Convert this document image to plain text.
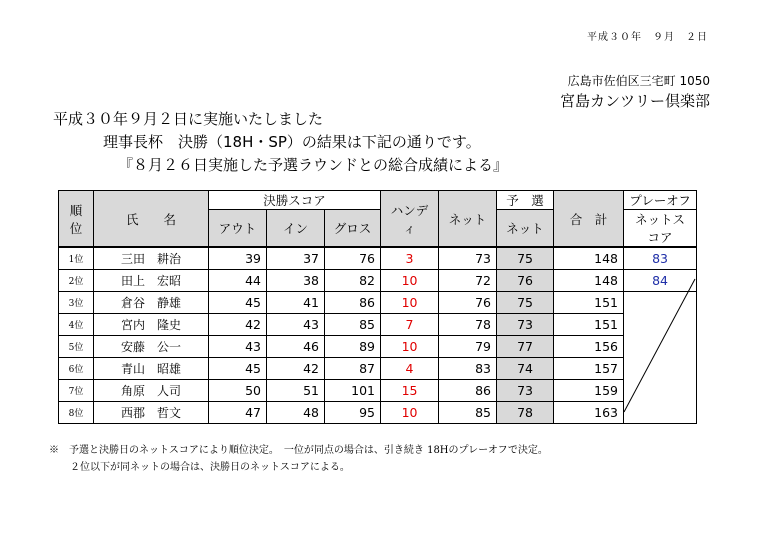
平成３０年　９月　２日
広島市佐伯区三宅町 1050
宮島カンツリー倶楽部
平成３０年９月２日に実施いたしました
理事長杯　決勝（18H・SP）の結果は下記の通りです。
『８月２６日実施した予選ラウンドとの総合成績による』
順位	氏　　名	決勝スコア			ハンディ	ネット	予　選	合　計	プレーオフ
		アウト	イン	グロス			ネット		ネットスコア
1位	三田　耕治	39	37	76	3	73	75	148	83
2位	田上　宏昭	44	38	82	10	72	76	148	84
3位	倉谷　静雄	45	41	86	10	76	75	151	
4位	宮内　隆史	42	43	85	7	78	73	151	
5位	安藤　公一	43	46	89	10	79	77	156	
6位	青山　昭雄	45	42	87	4	83	74	157	
7位	角原　人司	50	51	101	15	86	73	159	
8位	西郡　哲文	47	48	95	10	85	78	163	
※　予選と決勝日のネットスコアにより順位決定。　一位が同点の場合は、引き続き 18Hのプレーオフで決定。
２位以下が同ネットの場合は、決勝日のネットスコアによる。
